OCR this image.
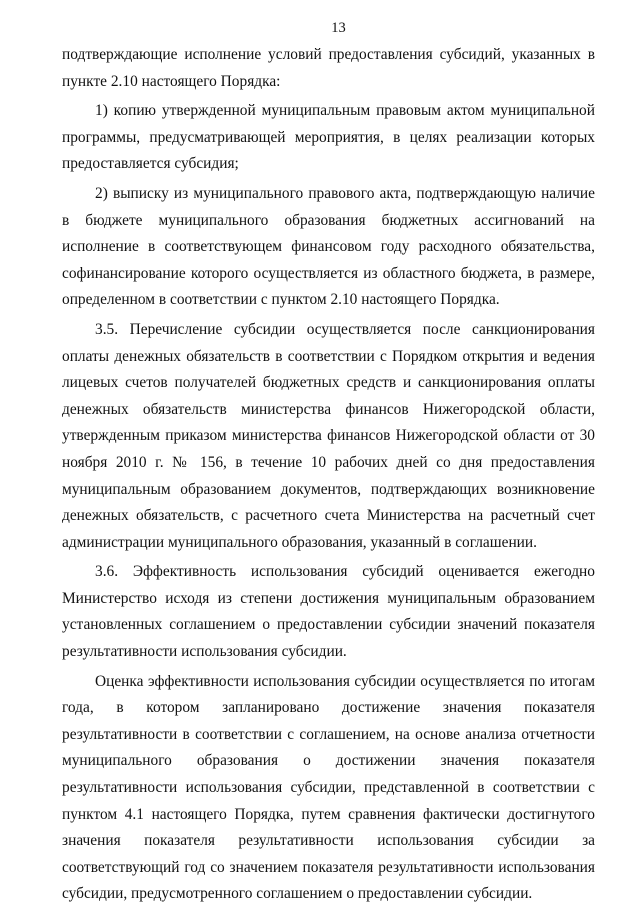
13

подтверждающие исполнение условий предоставления субсидий, указанных в пункте 2.10 настоящего Порядка:

1) копию утвержденной муниципальным правовым актом муниципальной программы, предусматривающей мероприятия, в целях реализации которых предоставляется субсидия;

2) выписку из муниципального правового акта, подтверждающую наличие в бюджете муниципального образования бюджетных ассигнований на исполнение в соответствующем финансовом году расходного обязательства, софинансирование которого осуществляется из областного бюджета, в размере, определенном в соответствии с пунктом 2.10 настоящего Порядка.

3.5. Перечисление субсидии осуществляется после санкционирования оплаты денежных обязательств в соответствии с Порядком открытия и ведения лицевых счетов получателей бюджетных средств и санкционирования оплаты денежных обязательств министерства финансов Нижегородской области, утвержденным приказом министерства финансов Нижегородской области от 30 ноября 2010 г. № 156, в течение 10 рабочих дней со дня предоставления муниципальным образованием документов, подтверждающих возникновение денежных обязательств, с расчетного счета Министерства на расчетный счет администрации муниципального образования, указанный в соглашении.

3.6. Эффективность использования субсидий оценивается ежегодно Министерство исходя из степени достижения муниципальным образованием установленных соглашением о предоставлении субсидии значений показателя результативности использования субсидии.

Оценка эффективности использования субсидии осуществляется по итогам года, в котором запланировано достижение значения показателя результативности в соответствии с соглашением, на основе анализа отчетности муниципального образования о достижении значения показателя результативности использования субсидии, представленной в соответствии с пунктом 4.1 настоящего Порядка, путем сравнения фактически достигнутого значения показателя результативности использования субсидии за соответствующий год со значением показателя результативности использования субсидии, предусмотренного соглашением о предоставлении субсидии.
